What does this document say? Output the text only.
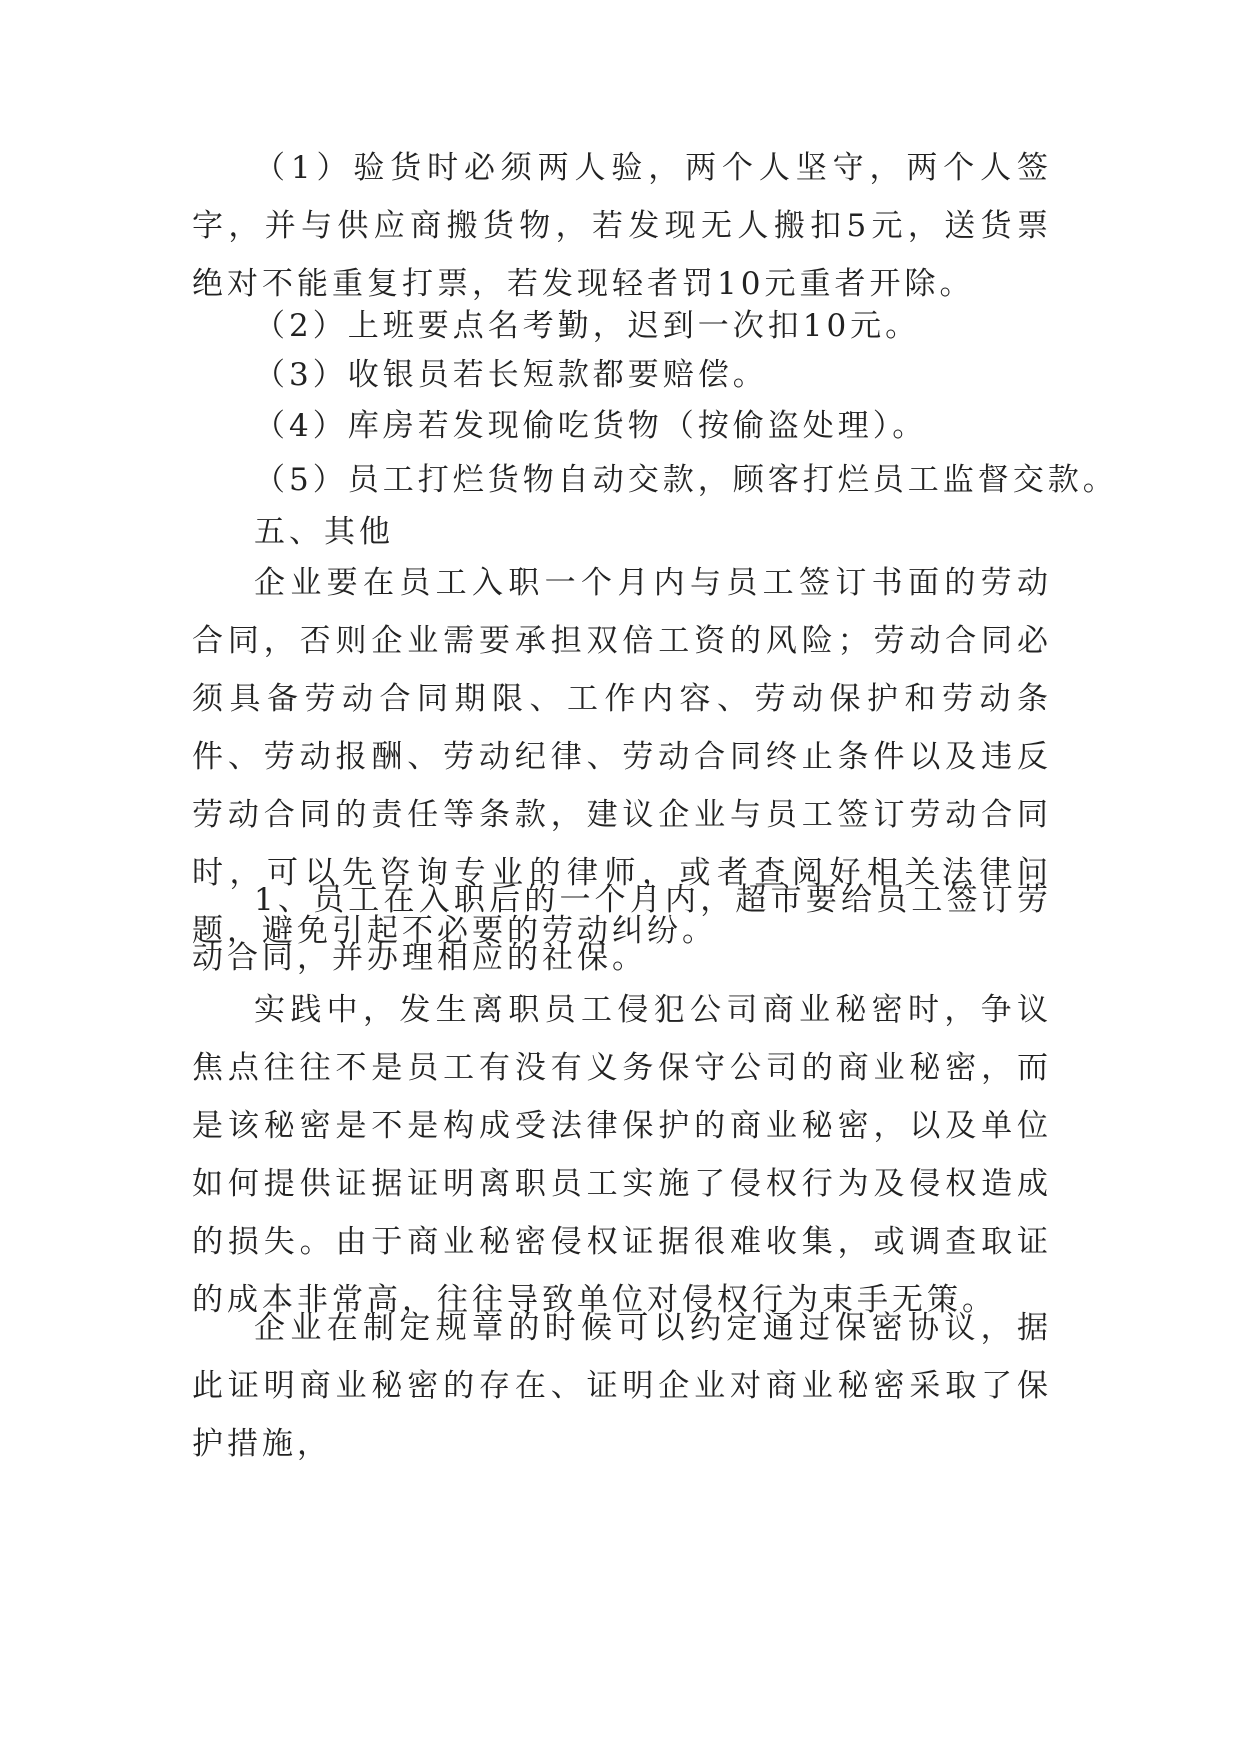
（1）验货时必须两人验，两个人坚守，两个人签字，并与供应商搬货物，若发现无人搬扣5元，送货票绝对不能重复打票，若发现轻者罚10元重者开除。

（2）上班要点名考勤，迟到一次扣10元。

（3）收银员若长短款都要赔偿。

（4）库房若发现偷吃货物（按偷盗处理）。

（5）员工打烂货物自动交款，顾客打烂员工监督交款。

五、其他

企业要在员工入职一个月内与员工签订书面的劳动合同，否则企业需要承担双倍工资的风险；劳动合同必须具备劳动合同期限、工作内容、劳动保护和劳动条件、劳动报酬、劳动纪律、劳动合同终止条件以及违反劳动合同的责任等条款，建议企业与员工签订劳动合同时，可以先咨询专业的律师，或者查阅好相关法律问题，避免引起不必要的劳动纠纷。

1、员工在入职后的一个月内，超市要给员工签订劳动合同，并办理相应的社保。

实践中，发生离职员工侵犯公司商业秘密时，争议焦点往往不是员工有没有义务保守公司的商业秘密，而是该秘密是不是构成受法律保护的商业秘密，以及单位如何提供证据证明离职员工实施了侵权行为及侵权造成的损失。由于商业秘密侵权证据很难收集，或调查取证的成本非常高，往往导致单位对侵权行为束手无策。

企业在制定规章的时候可以约定通过保密协议，据此证明商业秘密的存在、证明企业对商业秘密采取了保护措施，
